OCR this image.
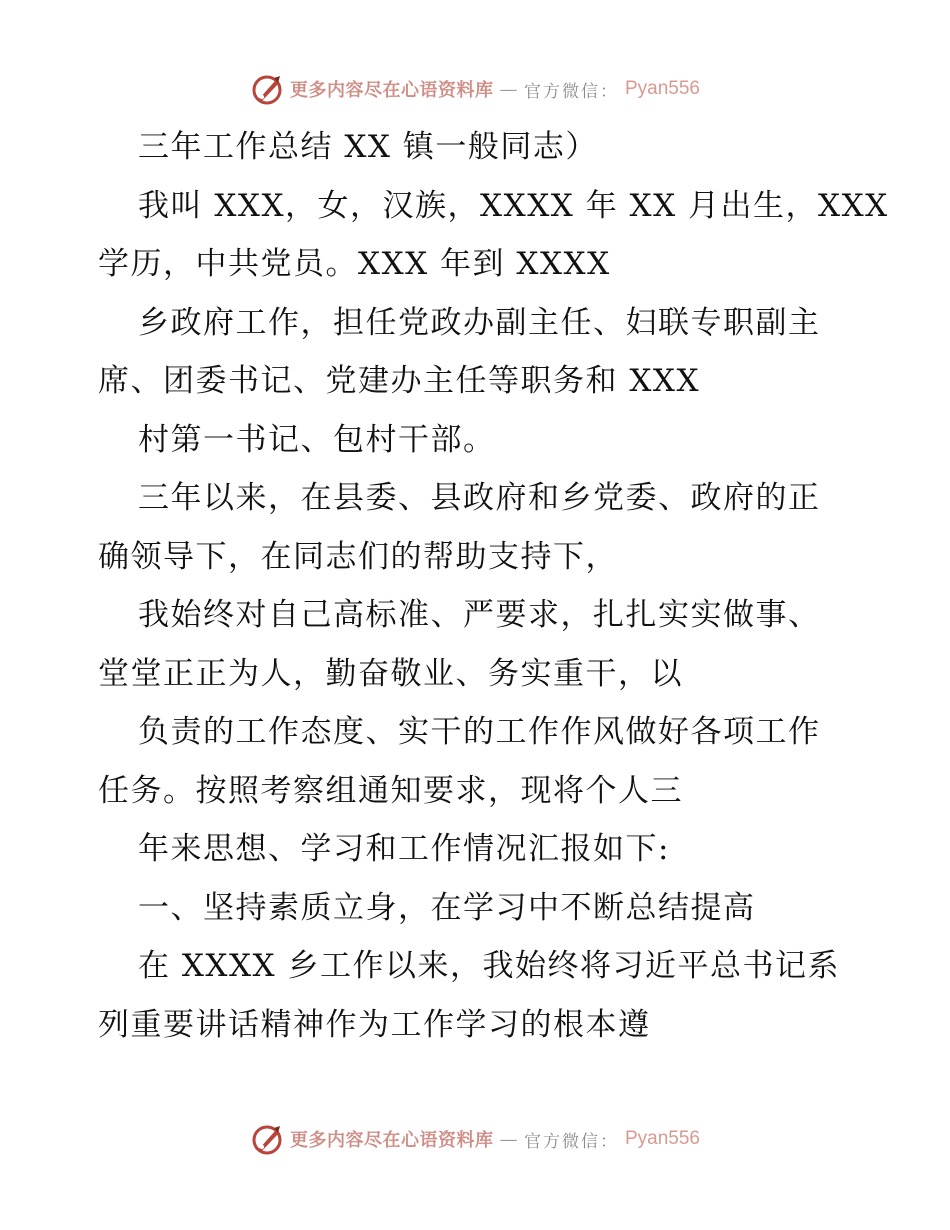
更多内容尽在心语资料库 — 官方微信： Pyan556
三年工作总结 XX 镇一般同志）
我叫 XXX，女，汉族，XXXX 年 XX 月出生，XXX
学历，中共党员。XXX 年到 XXXX
乡政府工作，担任党政办副主任、妇联专职副主
席、团委书记、党建办主任等职务和 XXX
村第一书记、包村干部。
三年以来，在县委、县政府和乡党委、政府的正
确领导下，在同志们的帮助支持下，
我始终对自己高标准、严要求，扎扎实实做事、
堂堂正正为人，勤奋敬业、务实重干，以
负责的工作态度、实干的工作作风做好各项工作
任务。按照考察组通知要求，现将个人三
年来思想、学习和工作情况汇报如下:
一、坚持素质立身，在学习中不断总结提高
在 XXXX 乡工作以来，我始终将习近平总书记系
列重要讲话精神作为工作学习的根本遵
更多内容尽在心语资料库 — 官方微信： Pyan556
